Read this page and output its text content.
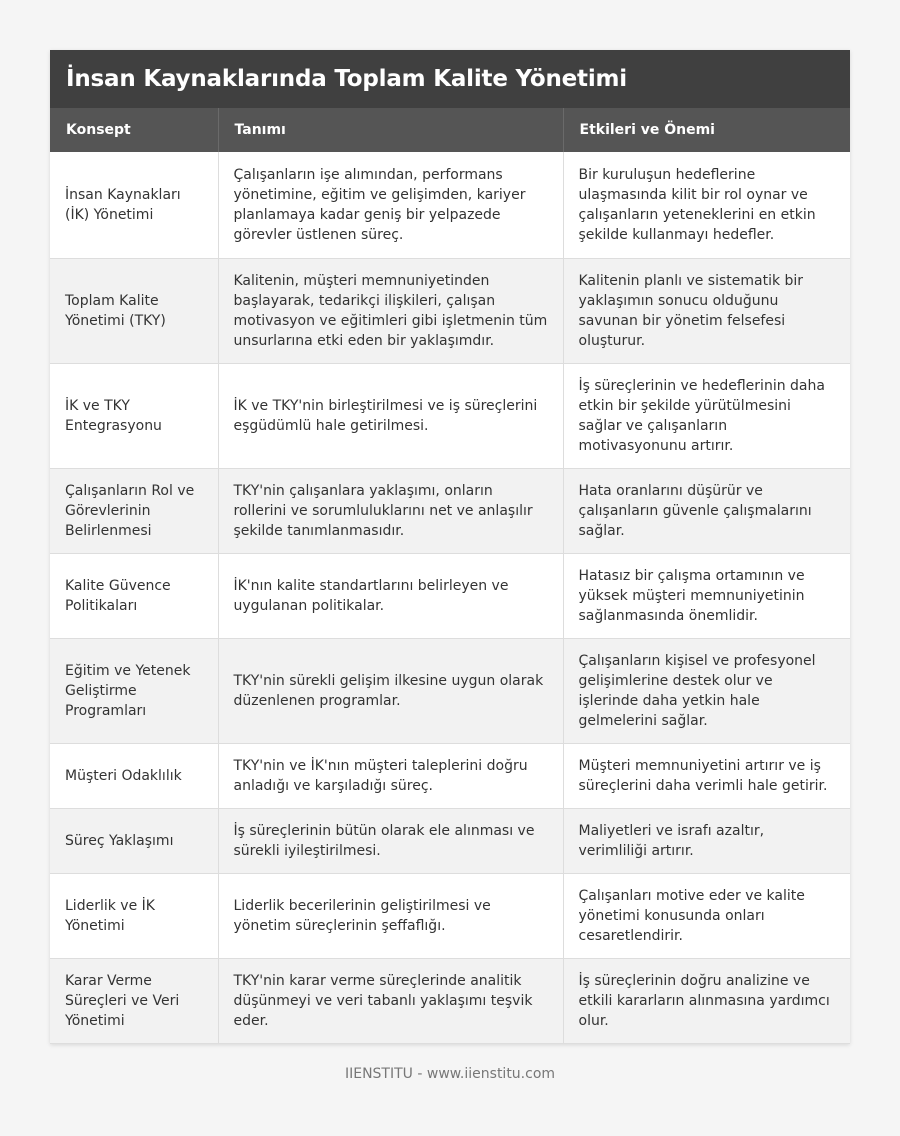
İnsan Kaynaklarında Toplam Kalite Yönetimi
Konsept	Tanımı	Etkileri ve Önemi
İnsan Kaynakları (İK) Yönetimi	Çalışanların işe alımından, performans yönetimine, eğitim ve gelişimden, kariyer planlamaya kadar geniş bir yelpazede görevler üstlenen süreç.	Bir kuruluşun hedeflerine ulaşmasında kilit bir rol oynar ve çalışanların yeteneklerini en etkin şekilde kullanmayı hedefler.
Toplam Kalite Yönetimi (TKY)	Kalitenin, müşteri memnuniyetinden başlayarak, tedarikçi ilişkileri, çalışan motivasyon ve eğitimleri gibi işletmenin tüm unsurlarına etki eden bir yaklaşımdır.	Kalitenin planlı ve sistematik bir yaklaşımın sonucu olduğunu savunan bir yönetim felsefesi oluşturur.
İK ve TKY Entegrasyonu	İK ve TKY'nin birleştirilmesi ve iş süreçlerini eşgüdümlü hale getirilmesi.	İş süreçlerinin ve hedeflerinin daha etkin bir şekilde yürütülmesini sağlar ve çalışanların motivasyonunu artırır.
Çalışanların Rol ve Görevlerinin Belirlenmesi	TKY'nin çalışanlara yaklaşımı, onların rollerini ve sorumluluklarını net ve anlaşılır şekilde tanımlanmasıdır.	Hata oranlarını düşürür ve çalışanların güvenle çalışmalarını sağlar.
Kalite Güvence Politikaları	İK'nın kalite standartlarını belirleyen ve uygulanan politikalar.	Hatasız bir çalışma ortamının ve yüksek müşteri memnuniyetinin sağlanmasında önemlidir.
Eğitim ve Yetenek Geliştirme Programları	TKY'nin sürekli gelişim ilkesine uygun olarak düzenlenen programlar.	Çalışanların kişisel ve profesyonel gelişimlerine destek olur ve işlerinde daha yetkin hale gelmelerini sağlar.
Müşteri Odaklılık	TKY'nin ve İK'nın müşteri taleplerini doğru anladığı ve karşıladığı süreç.	Müşteri memnuniyetini artırır ve iş süreçlerini daha verimli hale getirir.
Süreç Yaklaşımı	İş süreçlerinin bütün olarak ele alınması ve sürekli iyileştirilmesi.	Maliyetleri ve israfı azaltır, verimliliği artırır.
Liderlik ve İK Yönetimi	Liderlik becerilerinin geliştirilmesi ve yönetim süreçlerinin şeffaflığı.	Çalışanları motive eder ve kalite yönetimi konusunda onları cesaretlendirir.
Karar Verme Süreçleri ve Veri Yönetimi	TKY'nin karar verme süreçlerinde analitik düşünmeyi ve veri tabanlı yaklaşımı teşvik eder.	İş süreçlerinin doğru analizine ve etkili kararların alınmasına yardımcı olur.
IIENSTITU - www.iienstitu.com
